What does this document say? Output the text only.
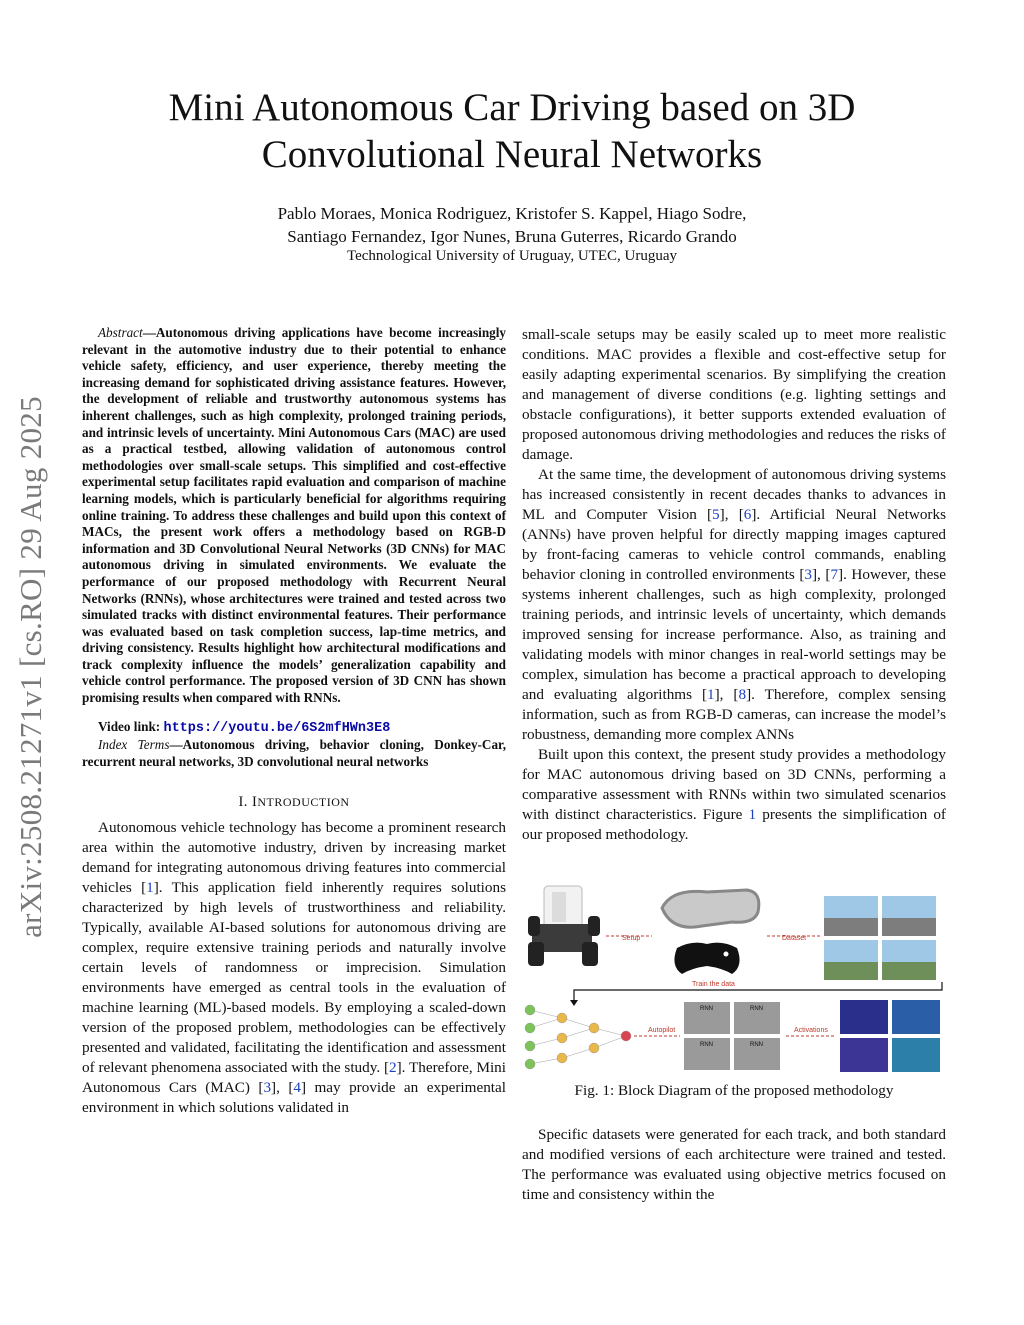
arXiv:2508.21271v1 [cs.RO] 29 Aug 2025
Mini Autonomous Car Driving based on 3D Convolutional Neural Networks
Pablo Moraes, Monica Rodriguez, Kristofer S. Kappel, Hiago Sodre,
Santiago Fernandez, Igor Nunes, Bruna Guterres, Ricardo Grando
Technological University of Uruguay, UTEC, Uruguay

Abstract—Autonomous driving applications have become increasingly relevant in the automotive industry due to their potential to enhance vehicle safety, efficiency, and user experience, thereby meeting the increasing demand for sophisticated driving assistance features. However, the development of reliable and trustworthy autonomous systems has inherent challenges, such as high complexity, prolonged training periods, and intrinsic levels of uncertainty. Mini Autonomous Cars (MAC) are used as a practical testbed, allowing validation of autonomous control methodologies over small-scale setups. This simplified and cost-effective experimental setup facilitates rapid evaluation and comparison of machine learning models, which is particularly beneficial for algorithms requiring online training. To address these challenges and build upon this context of MACs, the present work offers a methodology based on RGB-D information and 3D Convolutional Neural Networks (3D CNNs) for MAC autonomous driving in simulated environments. We evaluate the performance of our proposed methodology with Recurrent Neural Networks (RNNs), whose architectures were trained and tested across two simulated tracks with distinct environmental features. Their performance was evaluated based on task completion success, lap-time metrics, and driving consistency. Results highlight how architectural modifications and track complexity influence the models’ generalization capability and vehicle control performance. The proposed version of 3D CNN has shown promising results when compared with RNNs.

Video link: https://youtu.be/6S2mfHWn3E8

Index Terms—Autonomous driving, behavior cloning, Donkey-Car, recurrent neural networks, 3D convolutional neural networks

I. INTRODUCTION

Autonomous vehicle technology has become a prominent research area within the automotive industry, driven by increasing market demand for integrating autonomous driving features into commercial vehicles [1]. This application field inherently requires solutions characterized by high levels of trustworthiness and reliability. Typically, available AI-based solutions for autonomous driving are complex, require extensive training periods and naturally involve certain levels of randomness or imprecision. Simulation environments have emerged as central tools in the evaluation of machine learning (ML)-based models. By employing a scaled-down version of the proposed problem, methodologies can be effectively presented and validated, facilitating the identification and assessment of relevant phenomena associated with the study. [2]. Therefore, Mini Autonomous Cars (MAC) [3], [4] may provide an experimental environment in which solutions validated in

small-scale setups may be easily scaled up to meet more realistic conditions. MAC provides a flexible and cost-effective setup for easily adapting experimental scenarios. By simplifying the creation and management of diverse conditions (e.g. lighting settings and obstacle configurations), it better supports extended evaluation of proposed autonomous driving methodologies and reduces the risks of damage.

At the same time, the development of autonomous driving systems has increased consistently in recent decades thanks to advances in ML and Computer Vision [5], [6]. Artificial Neural Networks (ANNs) have proven helpful for directly mapping images captured by front-facing cameras to vehicle control commands, enabling behavior cloning in controlled environments [3], [7]. However, these systems inherent challenges, such as high complexity, prolonged training periods, and intrinsic levels of uncertainty, which demands improved sensing for increase performance. Also, as training and validating models with minor changes in real-world settings may be complex, simulation has become a practical approach to developing and evaluating algorithms [1], [8]. Therefore, complex sensing information, such as from RGB-D cameras, can increase the model’s robustness, demanding more complex ANNs

Built upon this context, the present study provides a methodology for MAC autonomous driving based on 3D CNNs, performing a comparative assessment with RNNs within two simulated scenarios with distinct characteristics. Figure 1 presents the simplification of our proposed methodology.

Setup	Dataset
Train the data
Autopilot
RNN	RNN
RNN	RNN
Activations
Fig. 1: Block Diagram of the proposed methodology

Specific datasets were generated for each track, and both standard and modified versions of each architecture were trained and tested. The performance was evaluated using objective metrics focused on time and consistency within the
